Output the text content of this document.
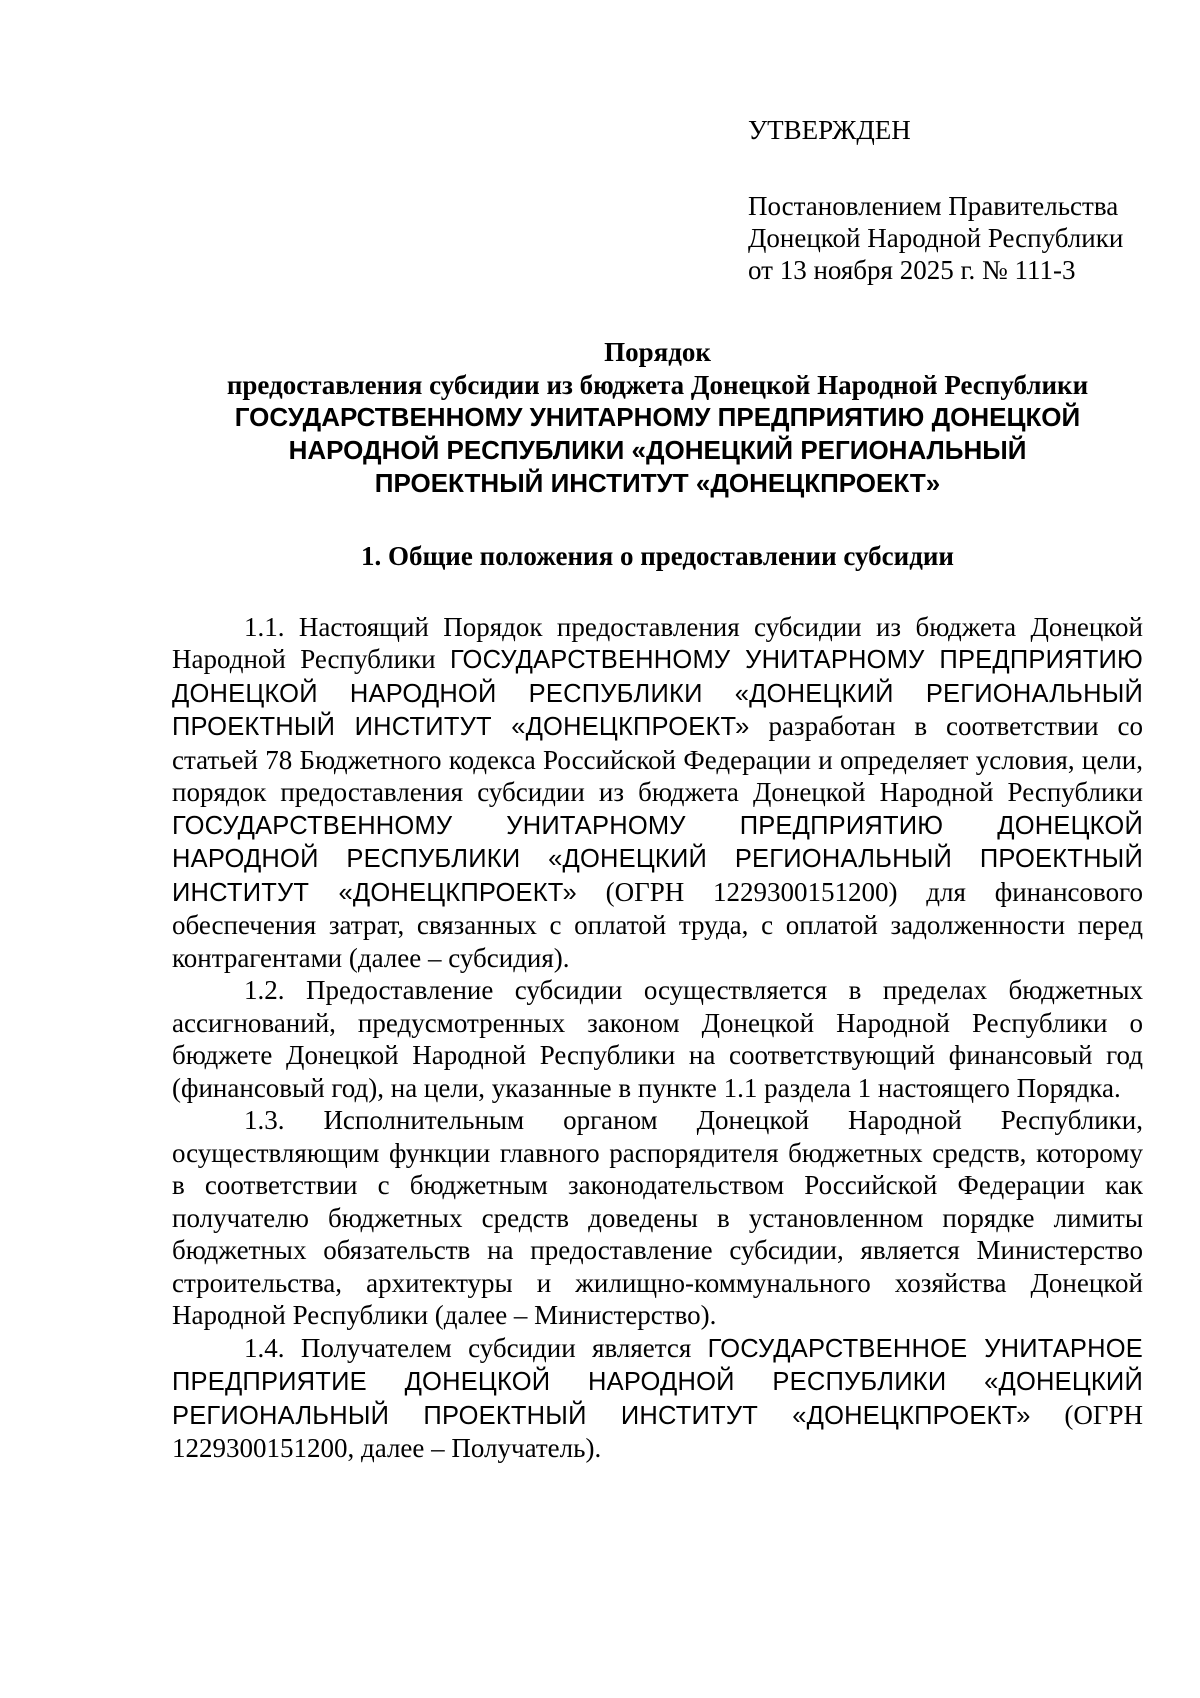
УТВЕРЖДЕН
Постановлением Правительства
Донецкой Народной Республики
от 13 ноября 2025 г. № 111-3
Порядок
предоставления субсидии из бюджета Донецкой Народной Республики
ГОСУДАРСТВЕННОМУ УНИТАРНОМУ ПРЕДПРИЯТИЮ ДОНЕЦКОЙ
НАРОДНОЙ РЕСПУБЛИКИ «ДОНЕЦКИЙ РЕГИОНАЛЬНЫЙ
ПРОЕКТНЫЙ ИНСТИТУТ «ДОНЕЦКПРОЕКТ»
1. Общие положения о предоставлении субсидии

1.1. Настоящий Порядок предоставления субсидии из бюджета Донецкой Народной Республики ГОСУДАРСТВЕННОМУ УНИТАРНОМУ ПРЕДПРИЯТИЮ ДОНЕЦКОЙ НАРОДНОЙ РЕСПУБЛИКИ «ДОНЕЦКИЙ РЕГИОНАЛЬНЫЙ ПРОЕКТНЫЙ ИНСТИТУТ «ДОНЕЦКПРОЕКТ» разработан в соответствии со статьей 78 Бюджетного кодекса Российской Федерации и определяет условия, цели, порядок предоставления субсидии из бюджета Донецкой Народной Республики ГОСУДАРСТВЕННОМУ УНИТАРНОМУ ПРЕДПРИЯТИЮ ДОНЕЦКОЙ НАРОДНОЙ РЕСПУБЛИКИ «ДОНЕЦКИЙ РЕГИОНАЛЬНЫЙ ПРОЕКТНЫЙ ИНСТИТУТ «ДОНЕЦКПРОЕКТ» (ОГРН 1229300151200) для финансового обеспечения затрат, связанных с оплатой труда, с оплатой задолженности перед контрагентами (далее – субсидия).

1.2. Предоставление субсидии осуществляется в пределах бюджетных ассигнований, предусмотренных законом Донецкой Народной Республики о бюджете Донецкой Народной Республики на соответствующий финансовый год (финансовый год), на цели, указанные в пункте 1.1 раздела 1 настоящего Порядка.

1.3. Исполнительным органом Донецкой Народной Республики, осуществляющим функции главного распорядителя бюджетных средств, которому в соответствии с бюджетным законодательством Российской Федерации как получателю бюджетных средств доведены в установленном порядке лимиты бюджетных обязательств на предоставление субсидии, является Министерство строительства, архитектуры и жилищно-коммунального хозяйства Донецкой Народной Республики (далее – Министерство).

1.4. Получателем субсидии является ГОСУДАРСТВЕННОЕ УНИТАРНОЕ ПРЕДПРИЯТИЕ ДОНЕЦКОЙ НАРОДНОЙ РЕСПУБЛИКИ «ДОНЕЦКИЙ РЕГИОНАЛЬНЫЙ ПРОЕКТНЫЙ ИНСТИТУТ «ДОНЕЦКПРОЕКТ» (ОГРН 1229300151200, далее – Получатель).
